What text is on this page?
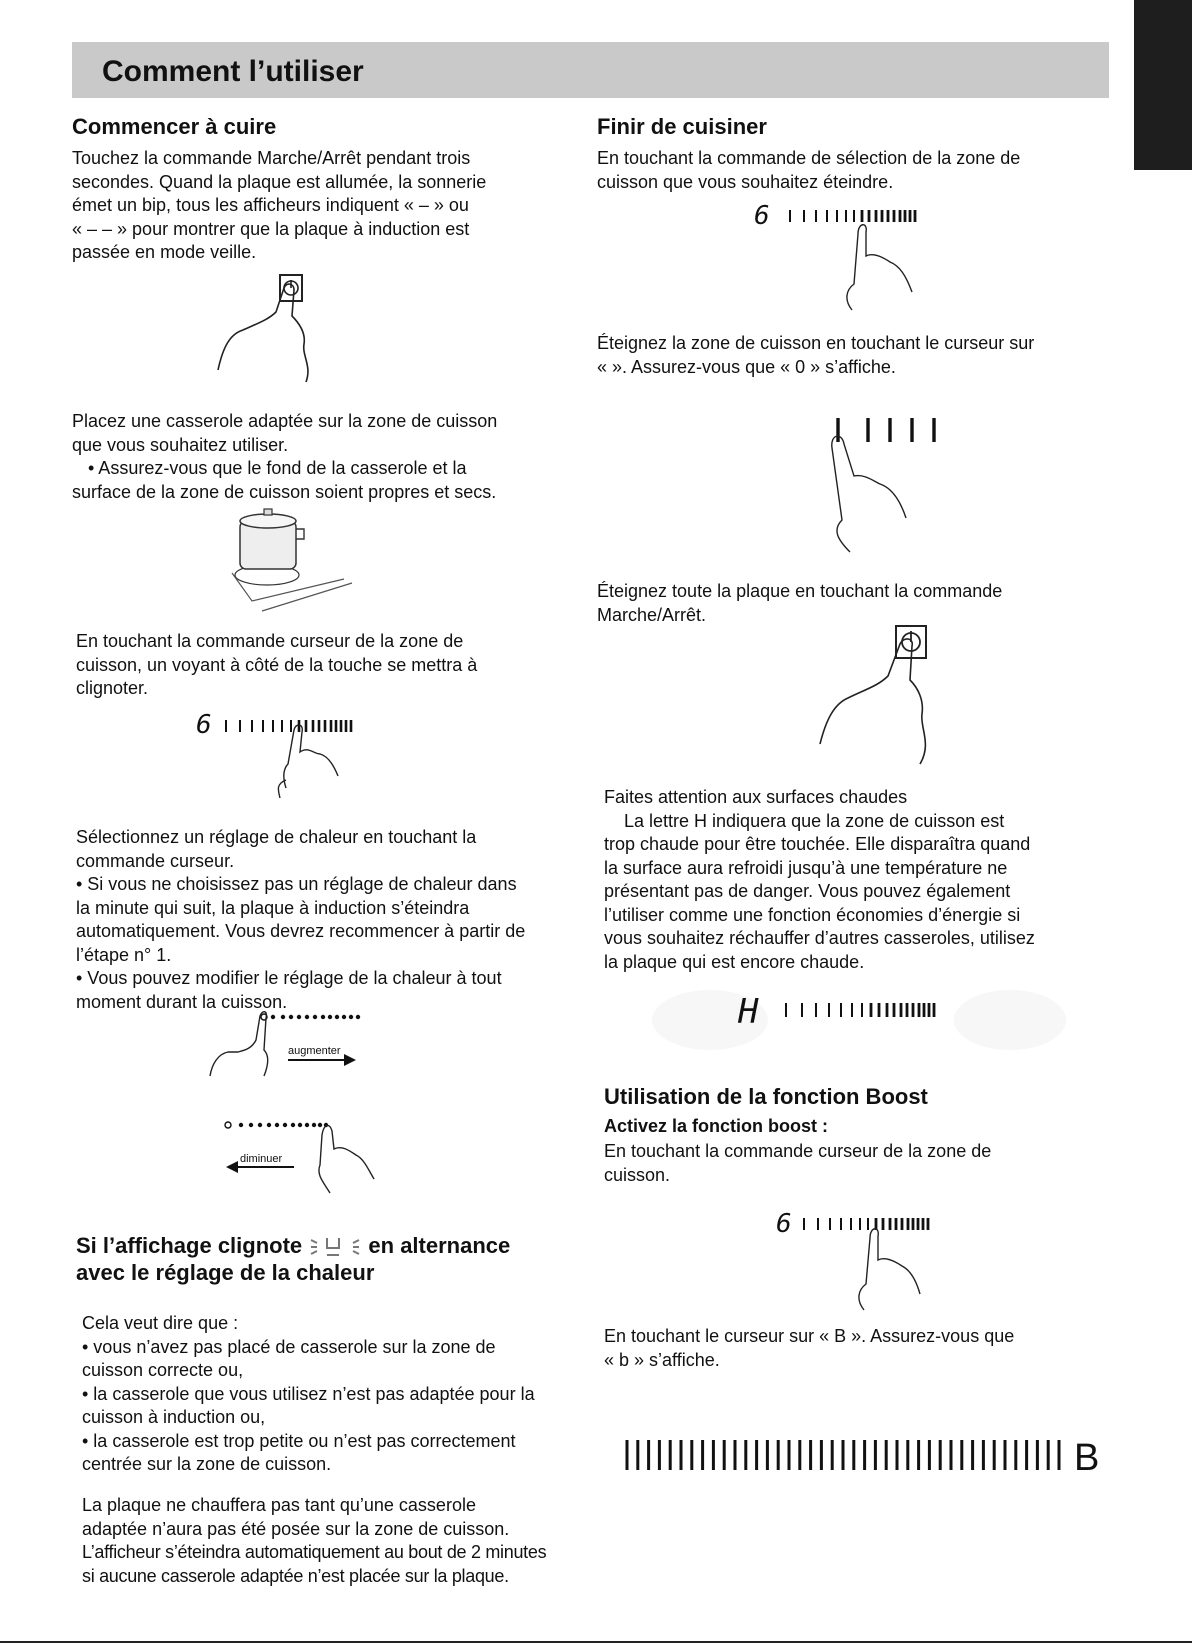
Comment l’utiliser
Commencer à cuire

Touchez la commande Marche/Arrêt pendant trois

secondes. Quand la plaque est allumée, la sonnerie

émet un bip, tous les afficheurs indiquent « – » ou

« – – » pour montrer que la plaque à induction est

passée en mode veille.

Placez une casserole adaptée sur la zone de cuisson

que vous souhaitez utiliser.

• Assurez-vous que le fond de la casserole et la

surface de la zone de cuisson soient propres et secs.

En touchant la commande curseur de la zone de

cuisson, un voyant à côté de la touche se mettra à

clignoter.

6

Sélectionnez un réglage de chaleur en touchant la

commande curseur.

• Si vous ne choisissez pas un réglage de chaleur dans

la minute qui suit, la plaque à induction s’éteindra

automatiquement. Vous devrez recommencer à partir de

l’étape n° 1.

• Vous pouvez modifier le réglage de la chaleur à tout

moment durant la cuisson.

augmenter
diminuer
Si l’affichage clignote	en alternance
avec le réglage de la chaleur

Cela veut dire que :

• vous n’avez pas placé de casserole sur la zone de

cuisson correcte ou,

• la casserole que vous utilisez n’est pas adaptée pour la

cuisson à induction ou,

• la casserole est trop petite ou n’est pas correctement

centrée sur la zone de cuisson.

La plaque ne chauffera pas tant qu’une casserole

adaptée n’aura pas été posée sur la zone de cuisson.

L’afficheur s’éteindra automatiquement au bout de 2 minutes

si aucune casserole adaptée n’est placée sur la plaque.

Finir de cuisiner

En touchant la commande de sélection de la zone de

cuisson que vous souhaitez éteindre.

6

Éteignez la zone de cuisson en touchant le curseur sur

« ». Assurez-vous que « 0 » s’affiche.

Éteignez toute la plaque en touchant la commande

Marche/Arrêt.

Faites attention aux surfaces chaudes

La lettre H indiquera que la zone de cuisson est

trop chaude pour être touchée. Elle disparaîtra quand

la surface aura refroidi jusqu’à une température ne

présentant pas de danger. Vous pouvez également

l’utiliser comme une fonction économies d’énergie si

vous souhaitez réchauffer d’autres casseroles, utilisez

la plaque qui est encore chaude.

H
Utilisation de la fonction Boost
Activez la fonction boost :

En touchant la commande curseur de la zone de

cuisson.

6

En touchant le curseur sur « B ». Assurez-vous que

« b » s’affiche.

B
